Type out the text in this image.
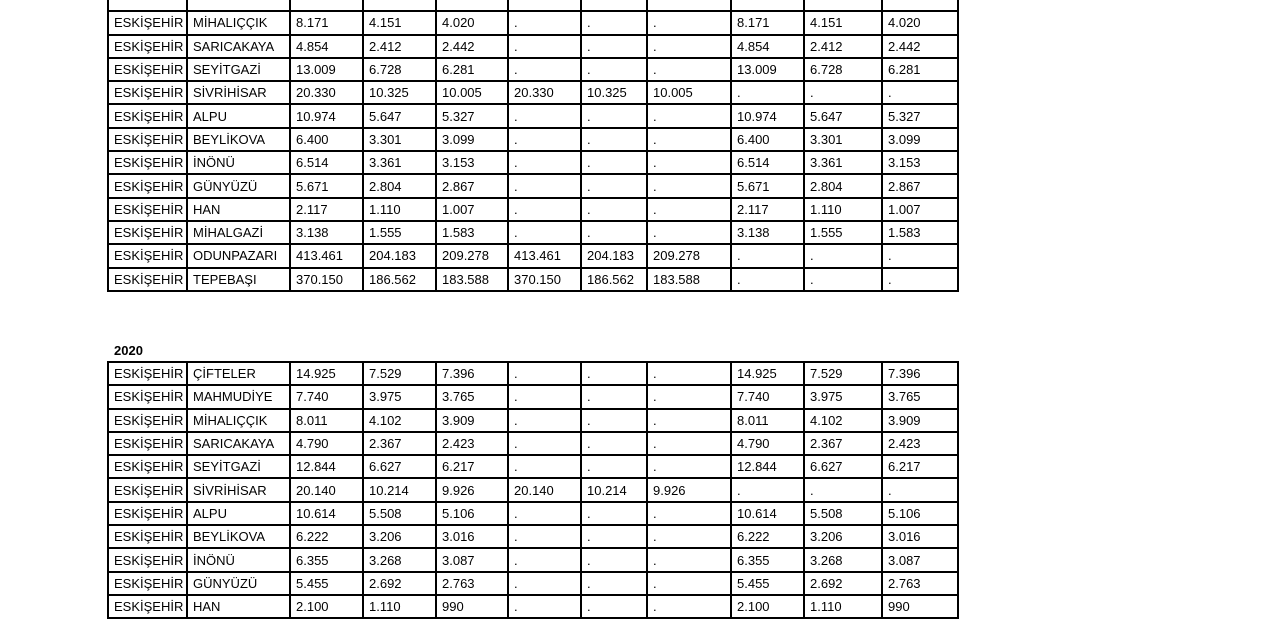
ESKİŞEHİR	MİHALIÇÇIK	8.171	4.151	4.020	.	.	.	8.171	4.151	4.020
ESKİŞEHİR	SARICAKAYA	4.854	2.412	2.442	.	.	.	4.854	2.412	2.442
ESKİŞEHİR	SEYİTGAZİ	13.009	6.728	6.281	.	.	.	13.009	6.728	6.281
ESKİŞEHİR	SİVRİHİSAR	20.330	10.325	10.005	20.330	10.325	10.005	.	.	.
ESKİŞEHİR	ALPU	10.974	5.647	5.327	.	.	.	10.974	5.647	5.327
ESKİŞEHİR	BEYLİKOVA	6.400	3.301	3.099	.	.	.	6.400	3.301	3.099
ESKİŞEHİR	İNÖNÜ	6.514	3.361	3.153	.	.	.	6.514	3.361	3.153
ESKİŞEHİR	GÜNYÜZÜ	5.671	2.804	2.867	.	.	.	5.671	2.804	2.867
ESKİŞEHİR	HAN	2.117	1.110	1.007	.	.	.	2.117	1.110	1.007
ESKİŞEHİR	MİHALGAZİ	3.138	1.555	1.583	.	.	.	3.138	1.555	1.583
ESKİŞEHİR	ODUNPAZARI	413.461	204.183	209.278	413.461	204.183	209.278	.	.	.
ESKİŞEHİR	TEPEBAŞI	370.150	186.562	183.588	370.150	186.562	183.588	.	.	.
2020
ESKİŞEHİR	ÇİFTELER	14.925	7.529	7.396	.	.	.	14.925	7.529	7.396
ESKİŞEHİR	MAHMUDİYE	7.740	3.975	3.765	.	.	.	7.740	3.975	3.765
ESKİŞEHİR	MİHALIÇÇIK	8.011	4.102	3.909	.	.	.	8.011	4.102	3.909
ESKİŞEHİR	SARICAKAYA	4.790	2.367	2.423	.	.	.	4.790	2.367	2.423
ESKİŞEHİR	SEYİTGAZİ	12.844	6.627	6.217	.	.	.	12.844	6.627	6.217
ESKİŞEHİR	SİVRİHİSAR	20.140	10.214	9.926	20.140	10.214	9.926	.	.	.
ESKİŞEHİR	ALPU	10.614	5.508	5.106	.	.	.	10.614	5.508	5.106
ESKİŞEHİR	BEYLİKOVA	6.222	3.206	3.016	.	.	.	6.222	3.206	3.016
ESKİŞEHİR	İNÖNÜ	6.355	3.268	3.087	.	.	.	6.355	3.268	3.087
ESKİŞEHİR	GÜNYÜZÜ	5.455	2.692	2.763	.	.	.	5.455	2.692	2.763
ESKİŞEHİR	HAN	2.100	1.110	990	.	.	.	2.100	1.110	990
